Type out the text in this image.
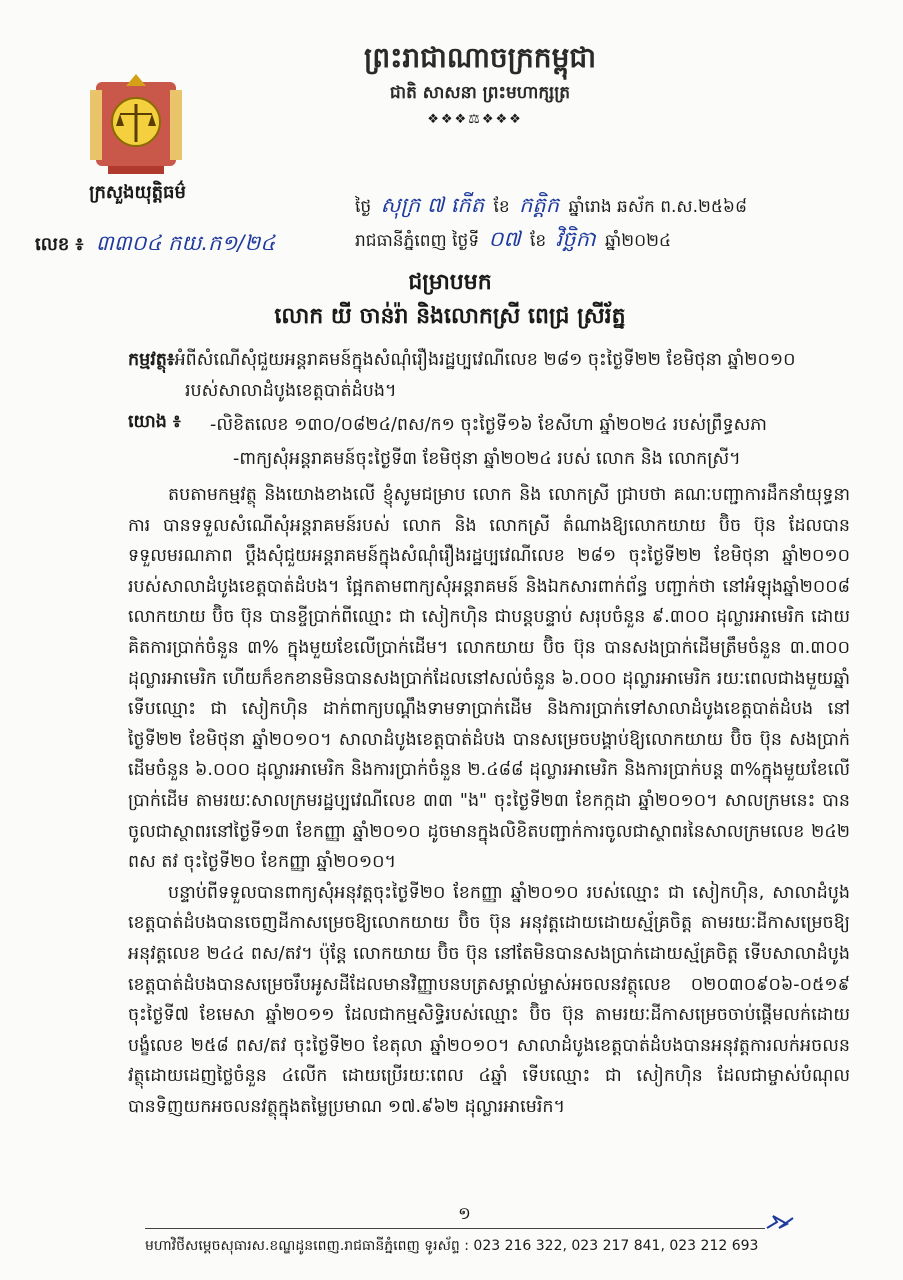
ព្រះរាជាណាចក្រកម្ពុជា
ជាតិ សាសនា ព្រះមហាក្សត្រ
❖❖❖⚖❖❖❖
ក្រសួងយុត្តិធម៌
លេខ ៖ ៣៣០៤ កយ.ក១/២៤
ថ្ងៃ សុក្រ ៧ កើត ខែ កត្តិក ឆ្នាំរោង ឆស័ក ព.ស.២៥៦៨
រាជធានីភ្នំពេញ ថ្ងៃទី ០៧ ខែ វិច្ឆិកា ឆ្នាំ២០២៤
ជម្រាបមក
លោក យី ចាន់រ៉ា និងលោកស្រី ពេជ្រ ស្រីរ័ត្ន
កម្មវត្ថុ៖អំពីសំណើសុំជួយអន្តរាគមន៍ក្នុងសំណុំរឿងរដ្ឋប្បវេណីលេខ ២៨១ ចុះថ្ងៃទី២២ ខែមិថុនា ឆ្នាំ២០១០
របស់សាលាដំបូងខេត្តបាត់ដំបង។
យោង ៖ -លិខិតលេខ ១៣០/០៨២៤/ពស/ក១ ចុះថ្ងៃទី១៦ ខែសីហា ឆ្នាំ២០២៤ របស់ព្រឹទ្ធសភា
-ពាក្យសុំអន្តរាគមន៍ចុះថ្ងៃទី៣ ខែមិថុនា ឆ្នាំ២០២៤ របស់ លោក និង លោកស្រី។

តបតាមកម្មវត្ថុ និងយោងខាងលើ ខ្ញុំសូមជម្រាប លោក និង លោកស្រី ជ្រាបថា គណៈបញ្ជាការដឹកនាំយុទ្ធនាការ បានទទួលសំណើសុំអន្តរាគមន៍របស់ លោក និង លោកស្រី តំណាងឱ្យលោកយាយ ប៊ិច ប៊ុន ដែលបានទទួលមរណភាព ប្តឹងសុំជួយអន្តរាគមន៍ក្នុងសំណុំរឿងរដ្ឋប្បវេណីលេខ ២៨១ ចុះថ្ងៃទី២២ ខែមិថុនា ឆ្នាំ២០១០ របស់សាលាដំបូងខេត្តបាត់ដំបង។ ផ្អែកតាមពាក្យសុំអន្តរាគមន៍ និងឯកសារពាក់ព័ន្ធ បញ្ជាក់ថា នៅអំឡុងឆ្នាំ២០០៨ លោកយាយ ប៊ិច ប៊ុន បានខ្ចីប្រាក់ពីឈ្មោះ ជា សៀកហ៊ិន ជាបន្តបន្ទាប់ សរុបចំនួន ៩.៣០០ ដុល្លារអាមេរិក ដោយគិតការប្រាក់ចំនួន ៣% ក្នុងមួយខែលើប្រាក់ដើម។ លោកយាយ ប៊ិច ប៊ុន បានសងប្រាក់ដើមត្រឹមចំនួន ៣.៣០០ ដុល្លារអាមេរិក ហើយក៏ខកខានមិនបានសងប្រាក់ដែលនៅសល់ចំនួន ៦.០០០ ដុល្លារអាមេរិក រយៈពេលជាងមួយឆ្នាំ ទើបឈ្មោះ ជា សៀកហ៊ិន ដាក់ពាក្យបណ្តឹងទាមទាប្រាក់ដើម និងការប្រាក់ទៅសាលាដំបូងខេត្តបាត់ដំបង នៅថ្ងៃទី២២ ខែមិថុនា ឆ្នាំ២០១០។ សាលាដំបូងខេត្តបាត់ដំបង បានសម្រេចបង្គាប់ឱ្យលោកយាយ ប៊ិច ប៊ុន សងប្រាក់ដើមចំនួន ៦.០០០ ដុល្លារអាមេរិក និងការប្រាក់ចំនួន ២.៤៨៨ ដុល្លារអាមេរិក និងការប្រាក់បន្ត ៣%ក្នុងមួយខែលើប្រាក់ដើម តាមរយៈសាលក្រមរដ្ឋប្បវេណីលេខ ៣៣ "ង" ចុះថ្ងៃទី២៣ ខែកក្កដា ឆ្នាំ២០១០។ សាលក្រមនេះ បានចូលជាស្ថាពរនៅថ្ងៃទី១៣ ខែកញ្ញា ឆ្នាំ២០១០ ដូចមានក្នុងលិខិតបញ្ជាក់ការចូលជាស្ថាពរនៃសាលក្រមលេខ ២៤២ ពស តវ ចុះថ្ងៃទី២០ ខែកញ្ញា ឆ្នាំ២០១០។

បន្ទាប់ពីទទួលបានពាក្យសុំអនុវត្តចុះថ្ងៃទី២០ ខែកញ្ញា ឆ្នាំ២០១០ របស់ឈ្មោះ ជា សៀកហ៊ិន, សាលាដំបូងខេត្តបាត់ដំបងបានចេញដីកាសម្រេចឱ្យលោកយាយ ប៊ិច ប៊ុន អនុវត្តដោយដោយស្ម័គ្រចិត្ត តាមរយៈដីកាសម្រេចឱ្យអនុវត្តលេខ ២៤៤ ពស/តវ។ ប៉ុន្តែ លោកយាយ ប៊ិច ប៊ុន នៅតែមិនបានសងប្រាក់ដោយស្ម័គ្រចិត្ត ទើបសាលាដំបូងខេត្តបាត់ដំបងបានសម្រេចរឹបអូសដីដែលមានវិញ្ញាបនបត្រសម្គាល់ម្ចាស់អចលនវត្ថុលេខ ០២០៣០៩០៦-០៥១៩ ចុះថ្ងៃទី៧ ខែមេសា ឆ្នាំ២០១១ ដែលជាកម្មសិទ្ធិរបស់ឈ្មោះ ប៊ិច ប៊ុន តាមរយៈដីកាសម្រេចចាប់ផ្តើមលក់ដោយបង្ខំលេខ ២៥៨ ពស/តវ ចុះថ្ងៃទី២០ ខែតុលា ឆ្នាំ២០១០។ សាលាដំបូងខេត្តបាត់ដំបងបានអនុវត្តការលក់អចលនវត្ថុដោយដេញថ្លៃចំនួន ៤លើក ដោយប្រើរយៈពេល ៤ឆ្នាំ ទើបឈ្មោះ ជា សៀកហ៊ិន ដែលជាម្ចាស់បំណុលបានទិញយកអចលនវត្ថុក្នុងតម្លៃប្រមាណ ១៧.៩៦២ ដុល្លារអាមេរិក។

១
មហាវិថីសម្តេចសុធារស.ខណ្ឌដូនពេញ.រាជធានីភ្នំពេញ ទូរស័ព្ទ : 023 216 322, 023 217 841, 023 212 693
